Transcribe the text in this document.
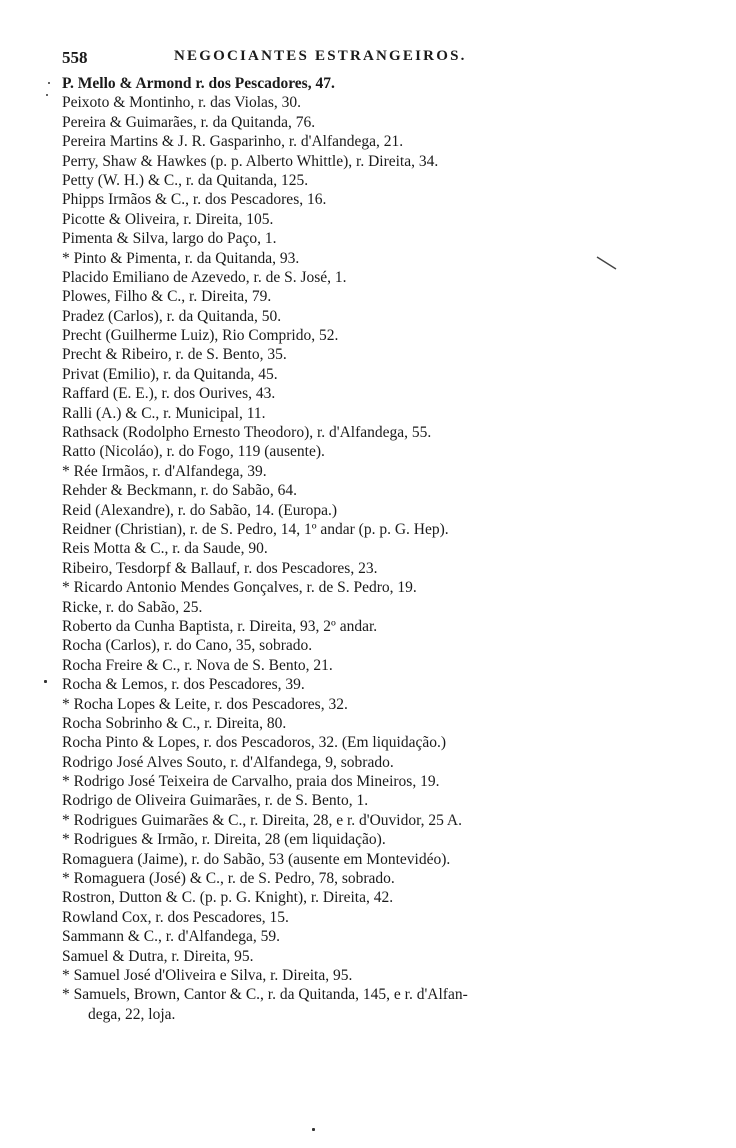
558	NEGOCIANTES ESTRANGEIROS.
P. Mello & Armond r. dos Pescadores, 47.
Peixoto & Montinho, r. das Violas, 30.
Pereira & Guimarães, r. da Quitanda, 76.
Pereira Martins & J. R. Gasparinho, r. d'Alfandega, 21.
Perry, Shaw & Hawkes (p. p. Alberto Whittle), r. Direita, 34.
Petty (W. H.) & C., r. da Quitanda, 125.
Phipps Irmãos & C., r. dos Pescadores, 16.
Picotte & Oliveira, r. Direita, 105.
Pimenta & Silva, largo do Paço, 1.
* Pinto & Pimenta, r. da Quitanda, 93.
Placido Emiliano de Azevedo, r. de S. José, 1.
Plowes, Filho & C., r. Direita, 79.
Pradez (Carlos), r. da Quitanda, 50.
Precht (Guilherme Luiz), Rio Comprido, 52.
Precht & Ribeiro, r. de S. Bento, 35.
Privat (Emilio), r. da Quitanda, 45.
Raffard (E. E.), r. dos Ourives, 43.
Ralli (A.) & C., r. Municipal, 11.
Rathsack (Rodolpho Ernesto Theodoro), r. d'Alfandega, 55.
Ratto (Nicoláo), r. do Fogo, 119 (ausente).
* Rée Irmãos, r. d'Alfandega, 39.
Rehder & Beckmann, r. do Sabão, 64.
Reid (Alexandre), r. do Sabão, 14. (Europa.)
Reidner (Christian), r. de S. Pedro, 14, 1º andar (p. p. G. Hep).
Reis Motta & C., r. da Saude, 90.
Ribeiro, Tesdorpf & Ballauf, r. dos Pescadores, 23.
* Ricardo Antonio Mendes Gonçalves, r. de S. Pedro, 19.
Ricke, r. do Sabão, 25.
Roberto da Cunha Baptista, r. Direita, 93, 2º andar.
Rocha (Carlos), r. do Cano, 35, sobrado.
Rocha Freire & C., r. Nova de S. Bento, 21.
Rocha & Lemos, r. dos Pescadores, 39.
* Rocha Lopes & Leite, r. dos Pescadores, 32.
Rocha Sobrinho & C., r. Direita, 80.
Rocha Pinto & Lopes, r. dos Pescadoros, 32. (Em liquidação.)
Rodrigo José Alves Souto, r. d'Alfandega, 9, sobrado.
* Rodrigo José Teixeira de Carvalho, praia dos Mineiros, 19.
Rodrigo de Oliveira Guimarães, r. de S. Bento, 1.
* Rodrigues Guimarães & C., r. Direita, 28, e r. d'Ouvidor, 25 A.
* Rodrigues & Irmão, r. Direita, 28 (em liquidação).
Romaguera (Jaime), r. do Sabão, 53 (ausente em Montevidéo).
* Romaguera (José) & C., r. de S. Pedro, 78, sobrado.
Rostron, Dutton & C. (p. p. G. Knight), r. Direita, 42.
Rowland Cox, r. dos Pescadores, 15.
Sammann & C., r. d'Alfandega, 59.
Samuel & Dutra, r. Direita, 95.
* Samuel José d'Oliveira e Silva, r. Direita, 95.
* Samuels, Brown, Cantor & C., r. da Quitanda, 145, e r. d'Alfan-
dega, 22, loja.
